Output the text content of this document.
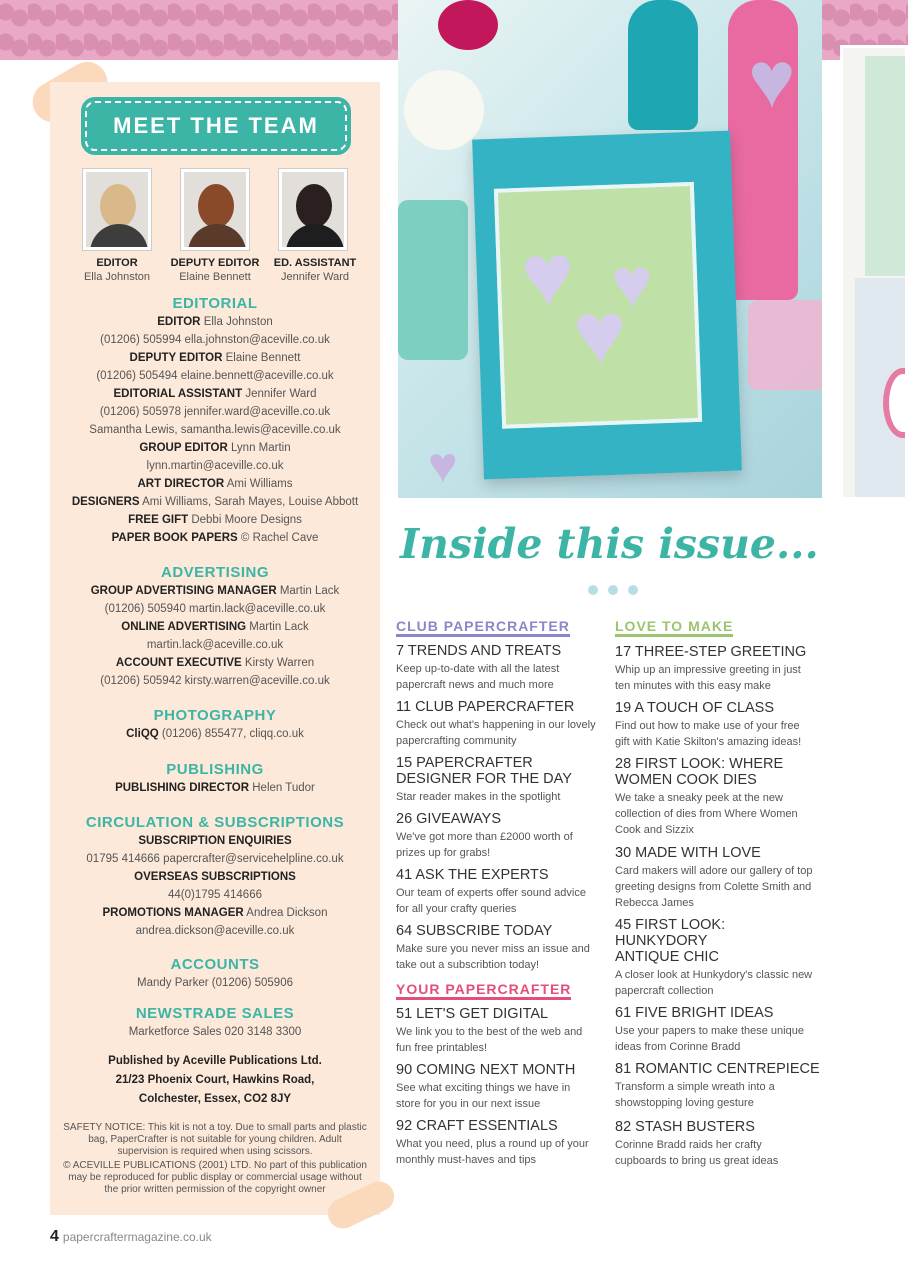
♥
♥
♥
♥
♥
MEET THE TEAM
EDITOR
Ella Johnston
DEPUTY EDITOR
Elaine Bennett
ED. ASSISTANT
Jennifer Ward
EDITORIAL
EDITOR Ella Johnston
(01206) 505994 ella.johnston@aceville.co.uk
DEPUTY EDITOR Elaine Bennett
(01206) 505494 elaine.bennett@aceville.co.uk
EDITORIAL ASSISTANT Jennifer Ward
(01206) 505978 jennifer.ward@aceville.co.uk
Samantha Lewis, samantha.lewis@aceville.co.uk
GROUP EDITOR Lynn Martin
lynn.martin@aceville.co.uk
ART DIRECTOR Ami Williams
DESIGNERS Ami Williams, Sarah Mayes, Louise Abbott
FREE GIFT Debbi Moore Designs
PAPER BOOK PAPERS © Rachel Cave
ADVERTISING
GROUP ADVERTISING MANAGER Martin Lack
(01206) 505940 martin.lack@aceville.co.uk
ONLINE ADVERTISING Martin Lack
martin.lack@aceville.co.uk
ACCOUNT EXECUTIVE Kirsty Warren
(01206) 505942 kirsty.warren@aceville.co.uk
PHOTOGRAPHY
CliQQ (01206) 855477, cliqq.co.uk
PUBLISHING
PUBLISHING DIRECTOR Helen Tudor
CIRCULATION & SUBSCRIPTIONS
SUBSCRIPTION ENQUIRIES
01795 414666 papercrafter@servicehelpline.co.uk
OVERSEAS SUBSCRIPTIONS
44(0)1795 414666
PROMOTIONS MANAGER Andrea Dickson
andrea.dickson@aceville.co.uk
ACCOUNTS
Mandy Parker (01206) 505906
NEWSTRADE SALES
Marketforce Sales 020 3148 3300
Published by Aceville Publications Ltd.
21/23 Phoenix Court, Hawkins Road,
Colchester, Essex, CO2 8JY
SAFETY NOTICE: This kit is not a toy. Due to small parts and plastic bag, PaperCrafter is not suitable for young children. Adult supervision is required when using scissors.
© ACEVILLE PUBLICATIONS (2001) LTD. No part of this publication may be reproduced for public display or commercial usage without the prior written permission of the copyright owner
Inside this issue...
CLUB PAPERCRAFTER
YOUR PAPERCRAFTER
LOVE TO MAKE
7 TRENDS AND TREATS
Keep up-to-date with all the latest papercraft news and much more
11 CLUB PAPERCRAFTER
Check out what's happening in our lovely papercrafting community
15 PAPERCRAFTER DESIGNER FOR THE DAY
Star reader makes in the spotlight
26 GIVEAWAYS
We've got more than £2000 worth of prizes up for grabs!
41 ASK THE EXPERTS
Our team of experts offer sound advice for all your crafty queries
64 SUBSCRIBE TODAY
Make sure you never miss an issue and take out a subscribtion today!
51 LET'S GET DIGITAL
We link you to the best of the web and fun free printables!
90 COMING NEXT MONTH
See what exciting things we have in store for you in our next issue
92 CRAFT ESSENTIALS
What you need, plus a round up of your monthly must-haves and tips
17 THREE-STEP GREETING
Whip up an impressive greeting in just ten minutes with this easy make
19 A TOUCH OF CLASS
Find out how to make use of your free gift with Katie Skilton's amazing ideas!
28 FIRST LOOK: WHERE WOMEN COOK DIES
We take a sneaky peek at the new collection of dies from Where Women Cook and Sizzix
30 MADE WITH LOVE
Card makers will adore our gallery of top greeting designs from Colette Smith and Rebecca James
45 FIRST LOOK: HUNKYDORY ANTIQUE CHIC
A closer look at Hunkydory's classic new papercraft collection
61 FIVE BRIGHT IDEAS
Use your papers to make these unique ideas from Corinne Bradd
81 ROMANTIC CENTREPIECE
Transform a simple wreath into a showstopping loving gesture
82 STASH BUSTERS
Corinne Bradd raids her crafty cupboards to bring us great ideas
4 papercraftermagazine.co.uk
